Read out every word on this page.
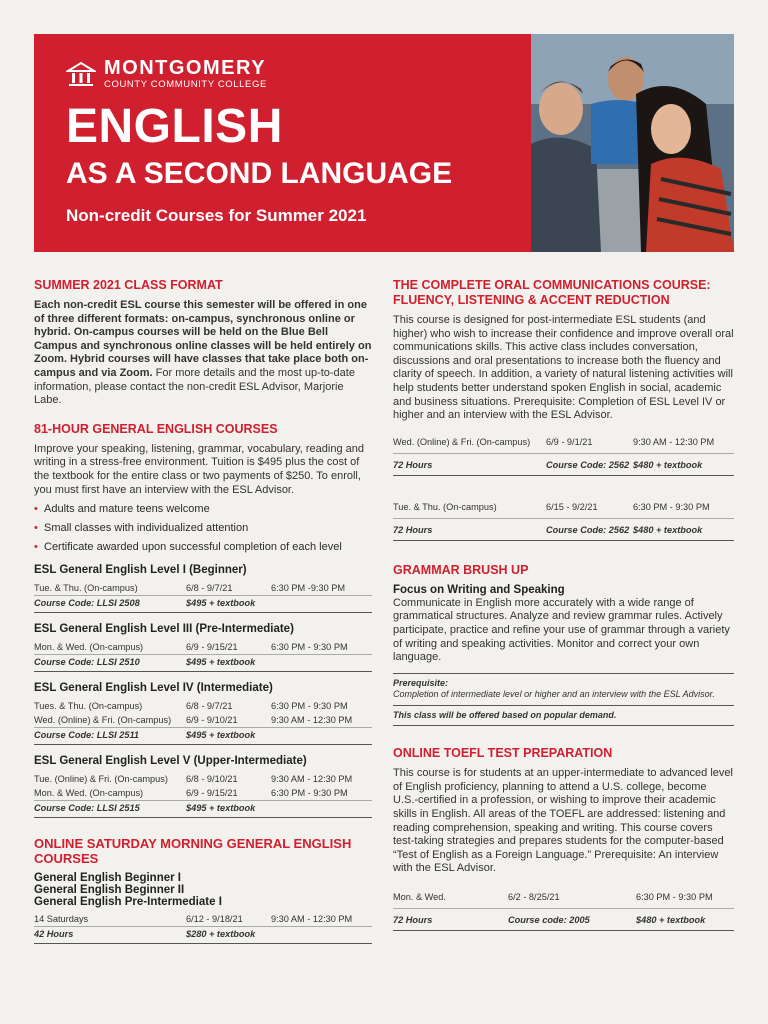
MONTGOMERY
COUNTY COMMUNITY COLLEGE
ENGLISH
AS A SECOND LANGUAGE
Non-credit Courses for Summer 2021
SUMMER 2021 CLASS FORMAT
Each non-credit ESL course this semester will be offered in one of three different formats: on-campus, synchronous online or hybrid. On-campus courses will be held on the Blue Bell Campus and synchronous online classes will be held entirely on Zoom. Hybrid courses will have classes that take place both on-campus and via Zoom. For more details and the most up-to-date information, please contact the non-credit ESL Advisor, Marjorie Labe.
81-HOUR GENERAL ENGLISH COURSES
Improve your speaking, listening, grammar, vocabulary, reading and writing in a stress-free environment. Tuition is $495 plus the cost of the textbook for the entire class or two payments of $250. To enroll, you must first have an interview with the ESL Advisor.
• Adults and mature teens welcome
• Small classes with individualized attention
• Certificate awarded upon successful completion of each level
ESL General English Level I (Beginner)
Tue. & Thu. (On-campus)	6/8 - 9/7/21	6:30 PM -9:30 PM
Course Code: LLSI 2508	$495 + textbook
ESL General English Level III (Pre-Intermediate)
Mon. & Wed. (On-campus)	6/9 - 9/15/21	6:30 PM - 9:30 PM
Course Code: LLSI 2510	$495 + textbook
ESL General English Level IV (Intermediate)
Tues. & Thu. (On-campus)	6/8 - 9/7/21	6:30 PM - 9:30 PM
Wed. (Online) & Fri. (On-campus)	6/9 - 9/10/21	9:30 AM - 12:30 PM
Course Code: LLSI 2511	$495 + textbook
ESL General English Level V (Upper-Intermediate)
Tue. (Online) & Fri. (On-campus)	6/8 - 9/10/21	9:30 AM - 12:30 PM
Mon. & Wed. (On-campus)	6/9 - 9/15/21	6:30 PM - 9:30 PM
Course Code: LLSI 2515	$495 + textbook
ONLINE SATURDAY MORNING GENERAL ENGLISH COURSES
General English Beginner I
General English Beginner II
General English Pre-Intermediate I
14 Saturdays	6/12 - 9/18/21	9:30 AM - 12:30 PM
42 Hours	$280 + textbook
THE COMPLETE ORAL COMMUNICATIONS COURSE: FLUENCY, LISTENING & ACCENT REDUCTION
This course is designed for post-intermediate ESL students (and higher) who wish to increase their confidence and improve overall oral communications skills. This active class includes conversation, discussions and oral presentations to increase both the fluency and clarity of speech. In addition, a variety of natural listening activities will help students better understand spoken English in social, academic and business situations. Prerequisite: Completion of ESL Level IV or higher and an interview with the ESL Advisor.
Wed. (Online) & Fri. (On-campus)	6/9 - 9/1/21	9:30 AM - 12:30 PM
72 Hours	Course Code: 2562 $480 + textbook
Tue. & Thu. (On-campus)	6/15 - 9/2/21	6:30 PM - 9:30 PM
72 Hours	Course Code: 2562 $480 + textbook
GRAMMAR BRUSH UP
Focus on Writing and Speaking
Communicate in English more accurately with a wide range of grammatical structures. Analyze and review grammar rules. Actively participate, practice and refine your use of grammar through a variety of writing and speaking activities. Monitor and correct your own language.
Prerequisite:
Completion of intermediate level or higher and an interview with the ESL Advisor.
This class will be offered based on popular demand.
ONLINE TOEFL TEST PREPARATION
This course is for students at an upper-intermediate to advanced level of English proficiency, planning to attend a U.S. college, become U.S.-certified in a profession, or wishing to improve their academic skills in English. All areas of the TOEFL are addressed: listening and reading comprehension, speaking and writing. This course covers test-taking strategies and prepares students for the computer-based “Test of English as a Foreign Language.” Prerequisite: An interview with the ESL Advisor.
Mon. & Wed.	6/2 - 8/25/21	6:30 PM - 9:30 PM
72 Hours	Course code: 2005	$480 + textbook
